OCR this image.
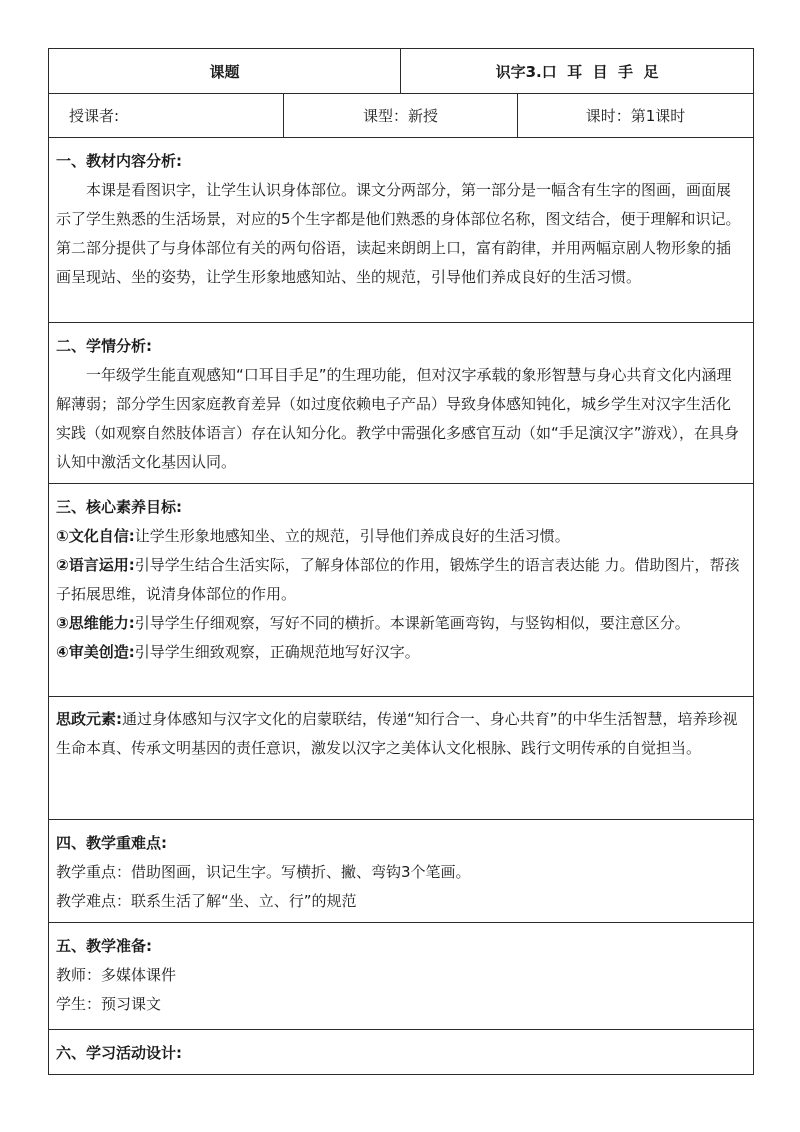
课题		识字3.口  耳  目  手  足	
授课者:	课型：新授		课时：第1课时

一、教材内容分析:

本课是看图识字，让学生认识身体部位。课文分两部分，第一部分是一幅含有生字的图画，画面展示了学生熟悉的生活场景，对应的5个生字都是他们熟悉的身体部位名称，图文结合，便于理解和识记。第二部分提供了与身体部位有关的两句俗语，读起来朗朗上口，富有韵律，并用两幅京剧人物形象的插画呈现站、坐的姿势，让学生形象地感知站、坐的规范，引导他们养成良好的生活习惯。			

二、学情分析:

一年级学生能直观感知“口耳目手足”的生理功能，但对汉字承载的象形智慧与身心共育文化内涵理解薄弱；部分学生因家庭教育差异（如过度依赖电子产品）导致身体感知钝化，城乡学生对汉字生活化实践（如观察自然肢体语言）存在认知分化。教学中需强化多感官互动（如“手足演汉字”游戏），在具身认知中激活文化基因认同。			

三、核心素养目标:

①文化自信:让学生形象地感知坐、立的规范，引导他们养成良好的生活习惯。

②语言运用:引导学生结合生活实际，了解身体部位的作用，锻炼学生的语言表达能 力。借助图片，帮孩子拓展思维，说清身体部位的作用。

③思维能力:引导学生仔细观察，写好不同的横折。本课新笔画弯钩，与竖钩相似，要注意区分。

④审美创造:引导学生细致观察，正确规范地写好汉字。			

思政元素:通过身体感知与汉字文化的启蒙联结，传递“知行合一、身心共育”的中华生活智慧，培养珍视生命本真、传承文明基因的责任意识，激发以汉字之美体认文化根脉、践行文明传承的自觉担当。			

四、教学重难点:

教学重点：借助图画，识记生字。写横折、撇、弯钩3个笔画。

教学难点：联系生活了解“坐、立、行”的规范			

五、教学准备:

教师：多媒体课件

学生：预习课文			

六、学习活动设计:			
